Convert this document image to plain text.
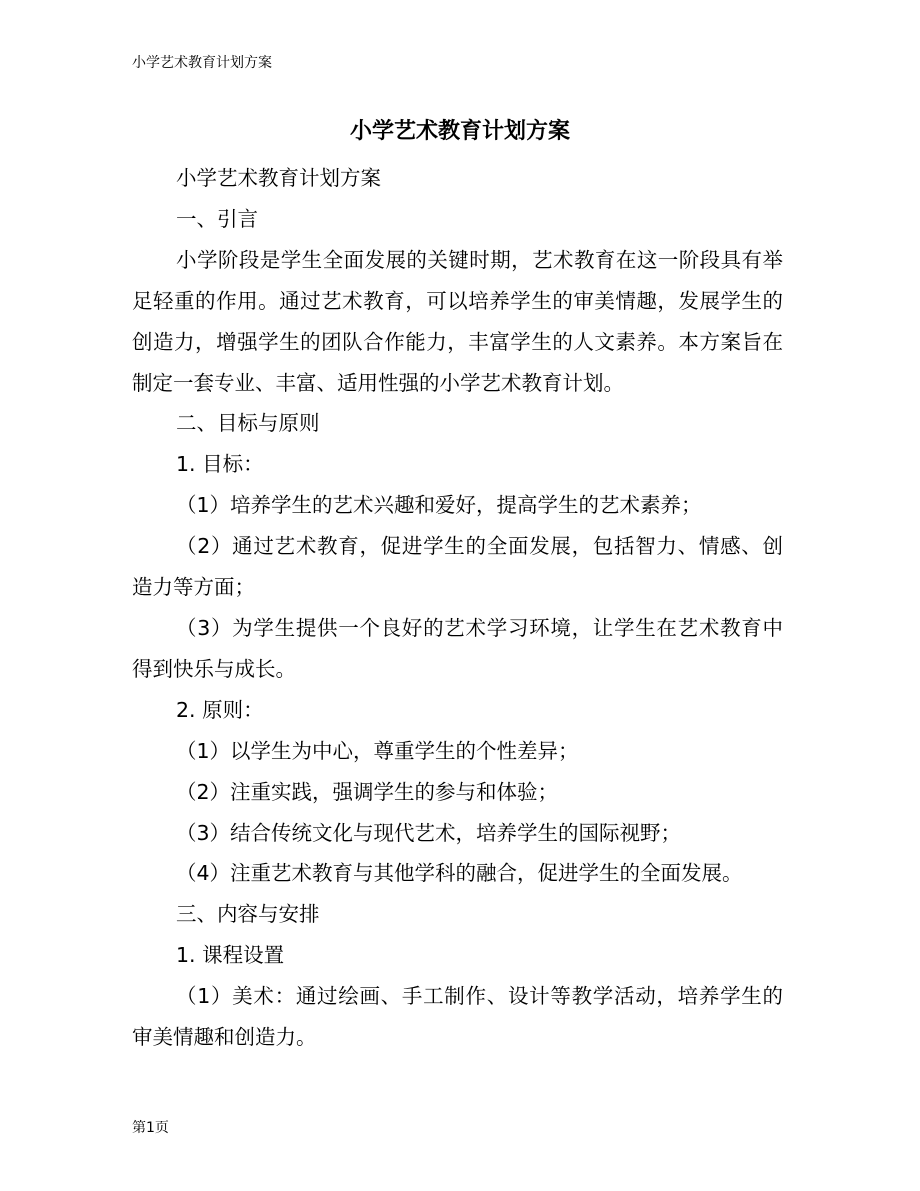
小学艺术教育计划方案
小学艺术教育计划方案

小学艺术教育计划方案

一、引言

小学阶段是学生全面发展的关键时期，艺术教育在这一阶段具有举足轻重的作用。通过艺术教育，可以培养学生的审美情趣，发展学生的创造力，增强学生的团队合作能力，丰富学生的人文素养。本方案旨在制定一套专业、丰富、适用性强的小学艺术教育计划。

二、目标与原则

1. 目标：

（1）培养学生的艺术兴趣和爱好，提高学生的艺术素养；

（2）通过艺术教育，促进学生的全面发展，包括智力、情感、创造力等方面；

（3）为学生提供一个良好的艺术学习环境，让学生在艺术教育中得到快乐与成长。

2. 原则：

（1）以学生为中心，尊重学生的个性差异；

（2）注重实践，强调学生的参与和体验；

（3）结合传统文化与现代艺术，培养学生的国际视野；

（4）注重艺术教育与其他学科的融合，促进学生的全面发展。

三、内容与安排

1. 课程设置

（1）美术：通过绘画、手工制作、设计等教学活动，培养学生的审美情趣和创造力。

第1页
